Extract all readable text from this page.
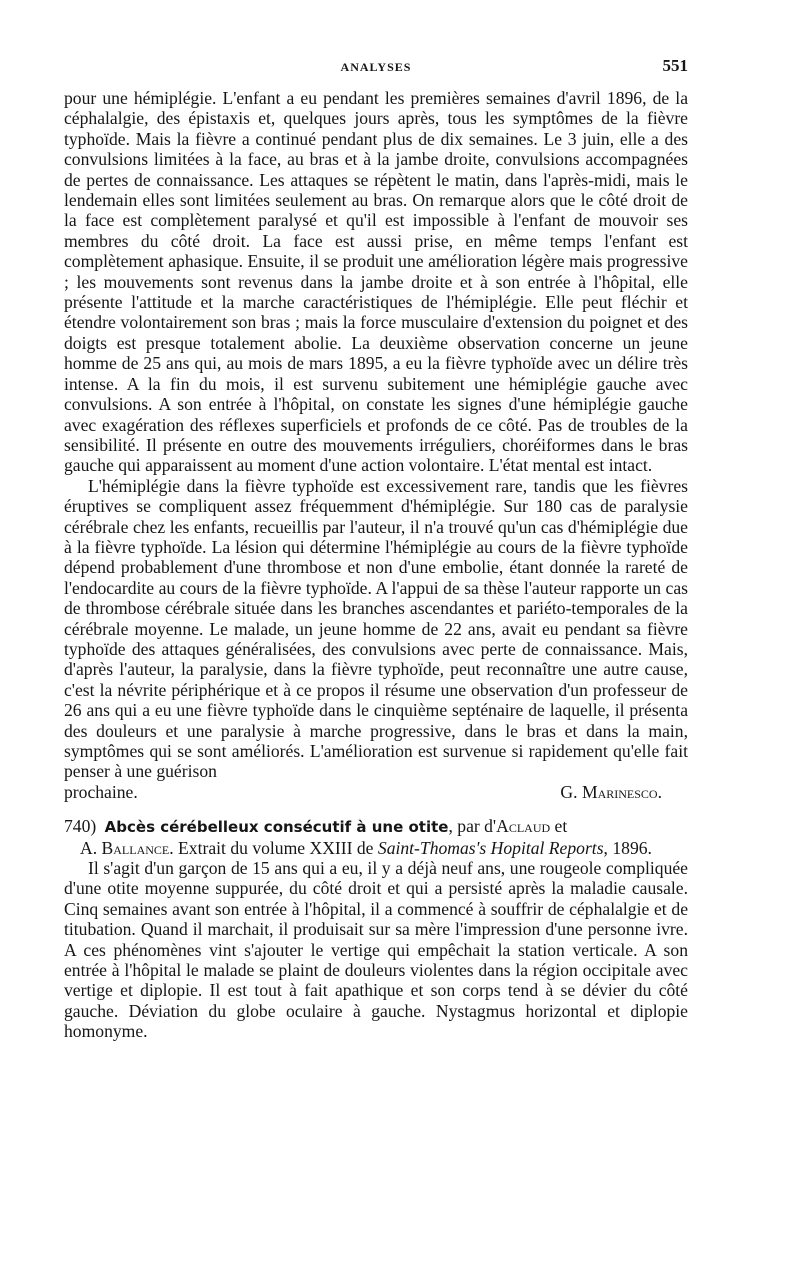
ANALYSES	551

pour une hémiplégie. L'enfant a eu pendant les premières semaines d'avril 1896, de la céphalalgie, des épistaxis et, quelques jours après, tous les symptômes de la fièvre typhoïde. Mais la fièvre a continué pendant plus de dix semaines. Le 3 juin, elle a des convulsions limitées à la face, au bras et à la jambe droite, convulsions accompagnées de pertes de connaissance. Les attaques se répètent le matin, dans l'après-midi, mais le lendemain elles sont limitées seulement au bras. On remarque alors que le côté droit de la face est complètement paralysé et qu'il est impossible à l'enfant de mouvoir ses membres du côté droit. La face est aussi prise, en même temps l'enfant est complètement aphasique. Ensuite, il se produit une amélioration légère mais progressive ; les mouvements sont revenus dans la jambe droite et à son entrée à l'hôpital, elle présente l'attitude et la marche caractéristiques de l'hémiplégie. Elle peut fléchir et étendre volontairement son bras ; mais la force musculaire d'extension du poignet et des doigts est presque totalement abolie. La deuxième observation concerne un jeune homme de 25 ans qui, au mois de mars 1895, a eu la fièvre typhoïde avec un délire très intense. A la fin du mois, il est survenu subitement une hémiplégie gauche avec convulsions. A son entrée à l'hôpital, on constate les signes d'une hémiplégie gauche avec exagération des réflexes superficiels et profonds de ce côté. Pas de troubles de la sensibilité. Il présente en outre des mouvements irréguliers, choréiformes dans le bras gauche qui apparaissent au moment d'une action volontaire. L'état mental est intact.

L'hémiplégie dans la fièvre typhoïde est excessivement rare, tandis que les fièvres éruptives se compliquent assez fréquemment d'hémiplégie. Sur 180 cas de paralysie cérébrale chez les enfants, recueillis par l'auteur, il n'a trouvé qu'un cas d'hémiplégie due à la fièvre typhoïde. La lésion qui détermine l'hémiplégie au cours de la fièvre typhoïde dépend probablement d'une thrombose et non d'une embolie, étant donnée la rareté de l'endocardite au cours de la fièvre typhoïde. A l'appui de sa thèse l'auteur rapporte un cas de thrombose cérébrale située dans les branches ascendantes et pariéto-temporales de la cérébrale moyenne. Le malade, un jeune homme de 22 ans, avait eu pendant sa fièvre typhoïde des attaques généralisées, des convulsions avec perte de connaissance. Mais, d'après l'auteur, la paralysie, dans la fièvre typhoïde, peut reconnaître une autre cause, c'est la névrite périphérique et à ce propos il résume une observation d'un professeur de 26 ans qui a eu une fièvre typhoïde dans le cinquième septénaire de laquelle, il présenta des douleurs et une paralysie à marche progressive, dans le bras et dans la main, symptômes qui se sont améliorés. L'amélioration est survenue si rapidement qu'elle fait penser à une guérison

prochaine.	G. Marinesco.

740) Abcès cérébelleux consécutif à une otite, par d'Aclaud et
A. Ballance. Extrait du volume XXIII de Saint-Thomas's Hopital Reports, 1896.

Il s'agit d'un garçon de 15 ans qui a eu, il y a déjà neuf ans, une rougeole compliquée d'une otite moyenne suppurée, du côté droit et qui a persisté après la maladie causale. Cinq semaines avant son entrée à l'hôpital, il a commencé à souffrir de céphalalgie et de titubation. Quand il marchait, il produisait sur sa mère l'impression d'une personne ivre. A ces phénomènes vint s'ajouter le vertige qui empêchait la station verticale. A son entrée à l'hôpital le malade se plaint de douleurs violentes dans la région occipitale avec vertige et diplopie. Il est tout à fait apathique et son corps tend à se dévier du côté gauche. Déviation du globe oculaire à gauche. Nystagmus horizontal et diplopie homonyme.
